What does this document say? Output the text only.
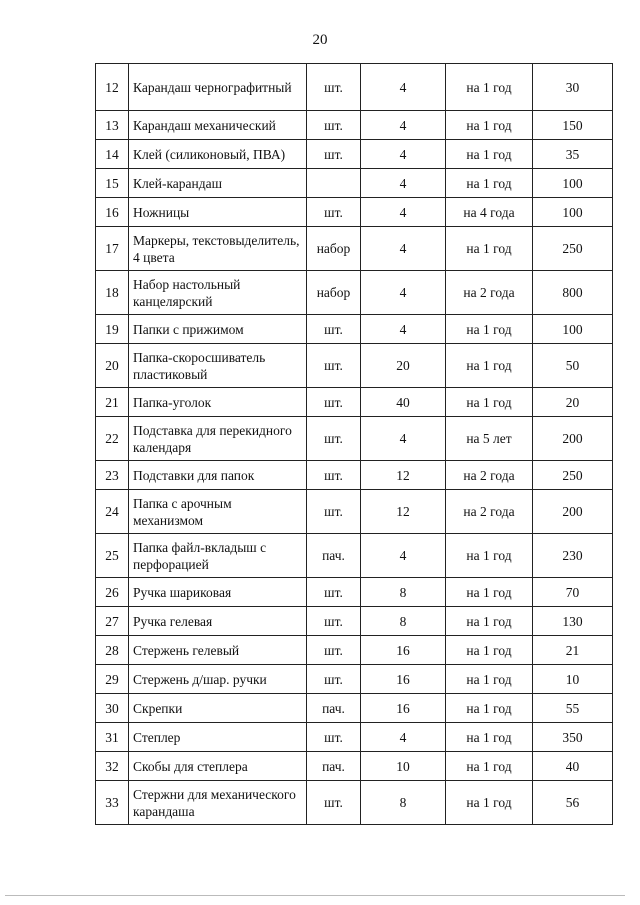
20
12	Карандаш чернографитный	шт.	4	на 1 год	30
13	Карандаш механический	шт.	4	на 1 год	150
14	Клей (силиконовый, ПВА)	шт.	4	на 1 год	35
15	Клей-карандаш		4	на 1 год	100
16	Ножницы	шт.	4	на 4 года	100
17	Маркеры, текстовыделитель, 4 цвета	набор	4	на 1 год	250
18	Набор настольный канцелярский	набор	4	на 2 года	800
19	Папки с прижимом	шт.	4	на 1 год	100
20	Папка-скоросшиватель пластиковый	шт.	20	на 1 год	50
21	Папка-уголок	шт.	40	на 1 год	20
22	Подставка для перекидного календаря	шт.	4	на 5 лет	200
23	Подставки для папок	шт.	12	на 2 года	250
24	Папка с арочным механизмом	шт.	12	на 2 года	200
25	Папка файл-вкладыш с перфорацией	пач.	4	на 1 год	230
26	Ручка шариковая	шт.	8	на 1 год	70
27	Ручка гелевая	шт.	8	на 1 год	130
28	Стержень гелевый	шт.	16	на 1 год	21
29	Стержень д/шар. ручки	шт.	16	на 1 год	10
30	Скрепки	пач.	16	на 1 год	55
31	Степлер	шт.	4	на 1 год	350
32	Скобы для степлера	пач.	10	на 1 год	40
33	Стержни для механического карандаша	шт.	8	на 1 год	56
